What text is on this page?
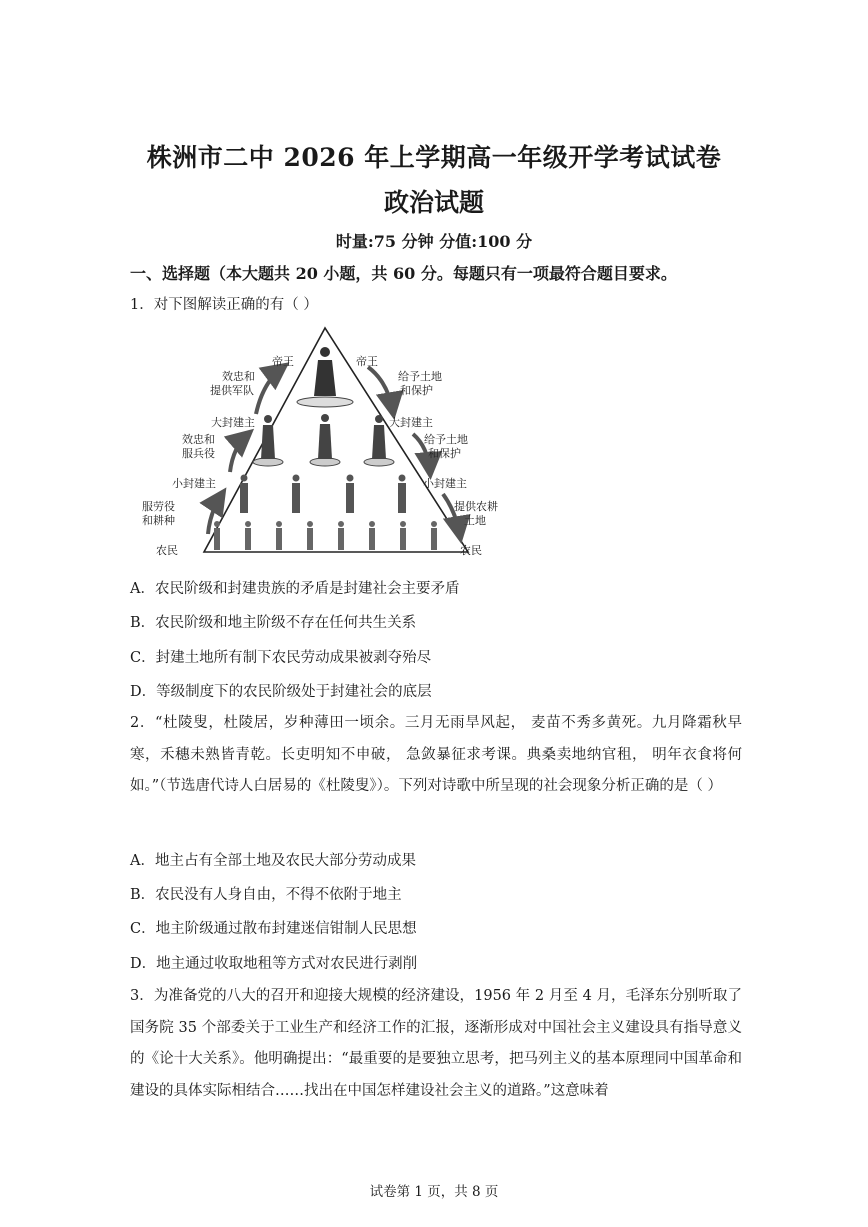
株洲市二中 2026 年上学期高一年级开学考试试卷
政治试题
时量:75 分钟 分值:100 分
一、选择题（本大题共 20 小题，共 60 分。每题只有一项最符合题目要求。
1．对下图解读正确的有（ ）
帝王	帝王
大封建主	大封建主
小封建主	小封建主
农民	农民
效忠和
提供军队
效忠和
服兵役
服劳役
和耕种
给予土地
和保护
给予土地
和保护
提供农耕
土地
A．农民阶级和封建贵族的矛盾是封建社会主要矛盾
B．农民阶级和地主阶级不存在任何共生关系
C．封建土地所有制下农民劳动成果被剥夺殆尽
D．等级制度下的农民阶级处于封建社会的底层
2．“杜陵叟，杜陵居，岁种薄田一顷余。三月无雨旱风起， 麦苗不秀多黄死。九月降霜秋早寒，禾穗未熟皆青乾。长吏明知不申破， 急敛暴征求考课。典桑卖地纳官租， 明年衣食将何如。”（节选唐代诗人白居易的《杜陵叟》）。下列对诗歌中所呈现的社会现象分析正确的是（ ）
A．地主占有全部土地及农民大部分劳动成果
B．农民没有人身自由，不得不依附于地主
C．地主阶级通过散布封建迷信钳制人民思想
D．地主通过收取地租等方式对农民进行剥削
3．为准备党的八大的召开和迎接大规模的经济建设，1956 年 2 月至 4 月，毛泽东分别听取了国务院 35 个部委关于工业生产和经济工作的汇报，逐渐形成对中国社会主义建设具有指导意义的《论十大关系》。他明确提出：“最重要的是要独立思考，把马列主义的基本原理同中国革命和建设的具体实际相结合……找出在中国怎样建设社会主义的道路。”这意味着
试卷第 1 页，共 8 页
